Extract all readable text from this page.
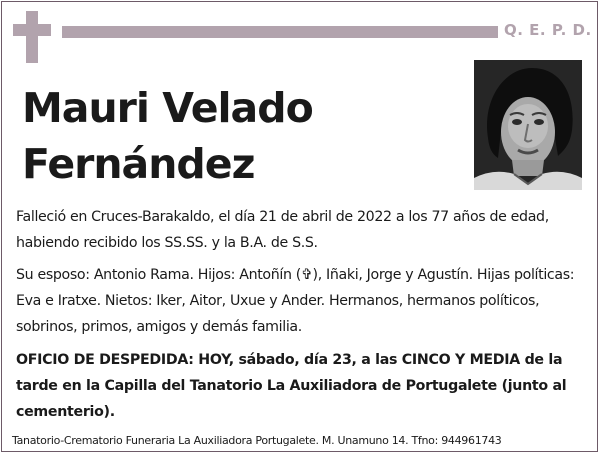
Q. E. P. D.
Mauri Velado
Fernández
Falleció en Cruces-Barakaldo, el día 21 de abril de 2022 a los 77 años de edad, habiendo recibido los SS.SS. y la B.A. de S.S.
Su esposo: Antonio Rama. Hijos: Antoñín (✞), Iñaki, Jorge y Agustín. Hijas políticas: Eva e Iratxe. Nietos: Iker, Aitor, Uxue y Ander. Hermanos, hermanos políticos, sobrinos, primos, amigos y demás familia.
OFICIO DE DESPEDIDA: HOY, sábado, día 23, a las CINCO Y MEDIA de la tarde en la Capilla del Tanatorio La Auxiliadora de Portugalete (junto al cementerio).
Tanatorio-Crematorio Funeraria La Auxiliadora Portugalete. M. Unamuno 14. Tfno: 944961743
